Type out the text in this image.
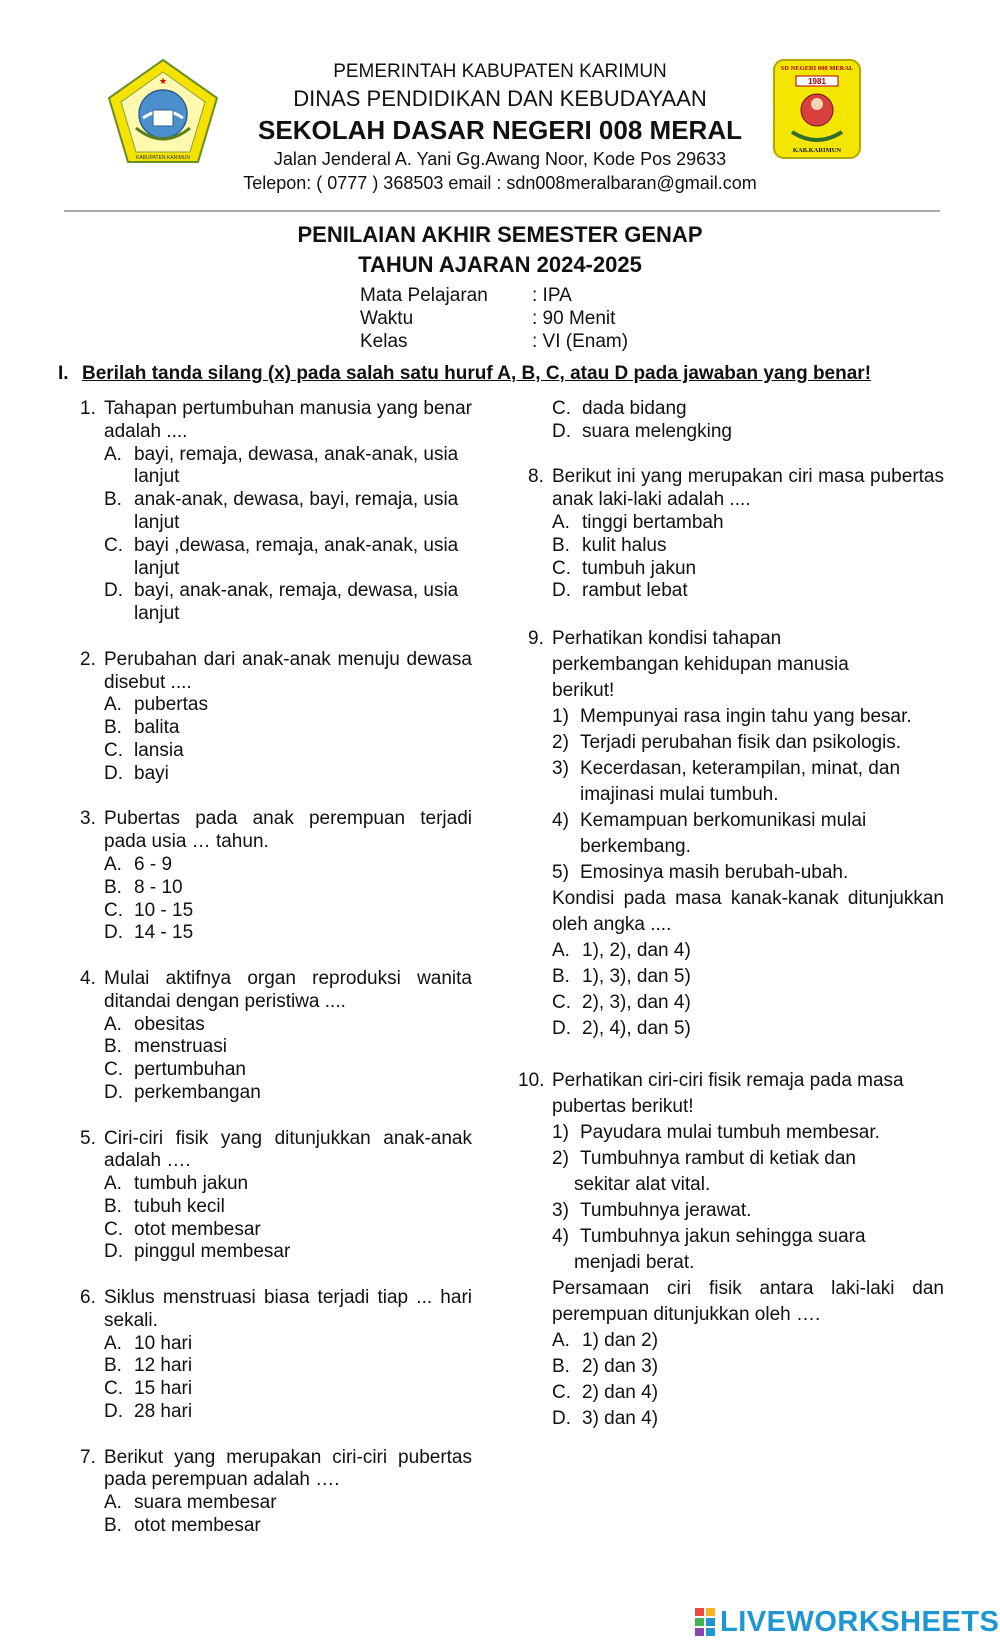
★
KABUPATEN KARIMUN
SD NEGERI 008 MERAL
1981
KAB.KARIMUN
PEMERINTAH KABUPATEN KARIMUN
DINAS PENDIDIKAN DAN KEBUDAYAAN
SEKOLAH DASAR NEGERI 008 MERAL
Jalan Jenderal A. Yani Gg.Awang Noor, Kode Pos 29633
Telepon: ( 0777 ) 368503 email : sdn008meralbaran@gmail.com
PENILAIAN AKHIR SEMESTER GENAP
TAHUN AJARAN 2024-2025
Mata Pelajaran	: IPA
Waktu	: 90 Menit
Kelas	: VI (Enam)
I. Berilah tanda silang (x) pada salah satu huruf A, B, C, atau D pada jawaban yang benar!
1. Tahapan pertumbuhan manusia yang benar adalah ....
A. bayi, remaja, dewasa, anak-anak, usia lanjut
B. anak-anak, dewasa, bayi, remaja, usia lanjut
C. bayi ,dewasa, remaja, anak-anak, usia lanjut
D. bayi, anak-anak, remaja, dewasa, usia lanjut
2. Perubahan dari anak-anak menuju dewasa disebut ....
A. pubertas
B. balita
C. lansia
D. bayi
3. Pubertas pada anak perempuan terjadi pada usia … tahun.
A. 6 - 9
B. 8 - 10
C. 10 - 15
D. 14 - 15
4. Mulai aktifnya organ reproduksi wanita ditandai dengan peristiwa ....
A. obesitas
B. menstruasi
C. pertumbuhan
D. perkembangan
5. Ciri-ciri fisik yang ditunjukkan anak-anak adalah ….
A. tumbuh jakun
B. tubuh kecil
C. otot membesar
D. pinggul membesar
6. Siklus menstruasi biasa terjadi tiap ... hari sekali.
A. 10 hari
B. 12 hari
C. 15 hari
D. 28 hari
7. Berikut yang merupakan ciri-ciri pubertas pada perempuan adalah ….
A. suara membesar
B. otot membesar
C. dada bidang
D. suara melengking
8. Berikut ini yang merupakan ciri masa pubertas anak laki-laki adalah ....
A. tinggi bertambah
B. kulit halus
C. tumbuh jakun
D. rambut lebat
9. Perhatikan kondisi tahapan perkembangan kehidupan manusia berikut!
1) Mempunyai rasa ingin tahu yang besar.
2) Terjadi perubahan fisik dan psikologis.
3) Kecerdasan, keterampilan, minat, dan imajinasi mulai tumbuh.
4) Kemampuan berkomunikasi mulai berkembang.
5) Emosinya masih berubah-ubah.
Kondisi pada masa kanak-kanak ditunjukkan oleh angka ....
A. 1), 2), dan 4)
B. 1), 3), dan 5)
C. 2), 3), dan 4)
D. 2), 4), dan 5)
10. Perhatikan ciri-ciri fisik remaja pada masa pubertas berikut!
1) Payudara mulai tumbuh membesar.
2) Tumbuhnya rambut di ketiak dan sekitar alat vital.
3) Tumbuhnya jerawat.
4) Tumbuhnya jakun sehingga suara menjadi berat.
Persamaan ciri fisik antara laki-laki dan perempuan ditunjukkan oleh ….
A. 1) dan 2)
B. 2) dan 3)
C. 2) dan 4)
D. 3) dan 4)
LIVEWORKSHEETS
